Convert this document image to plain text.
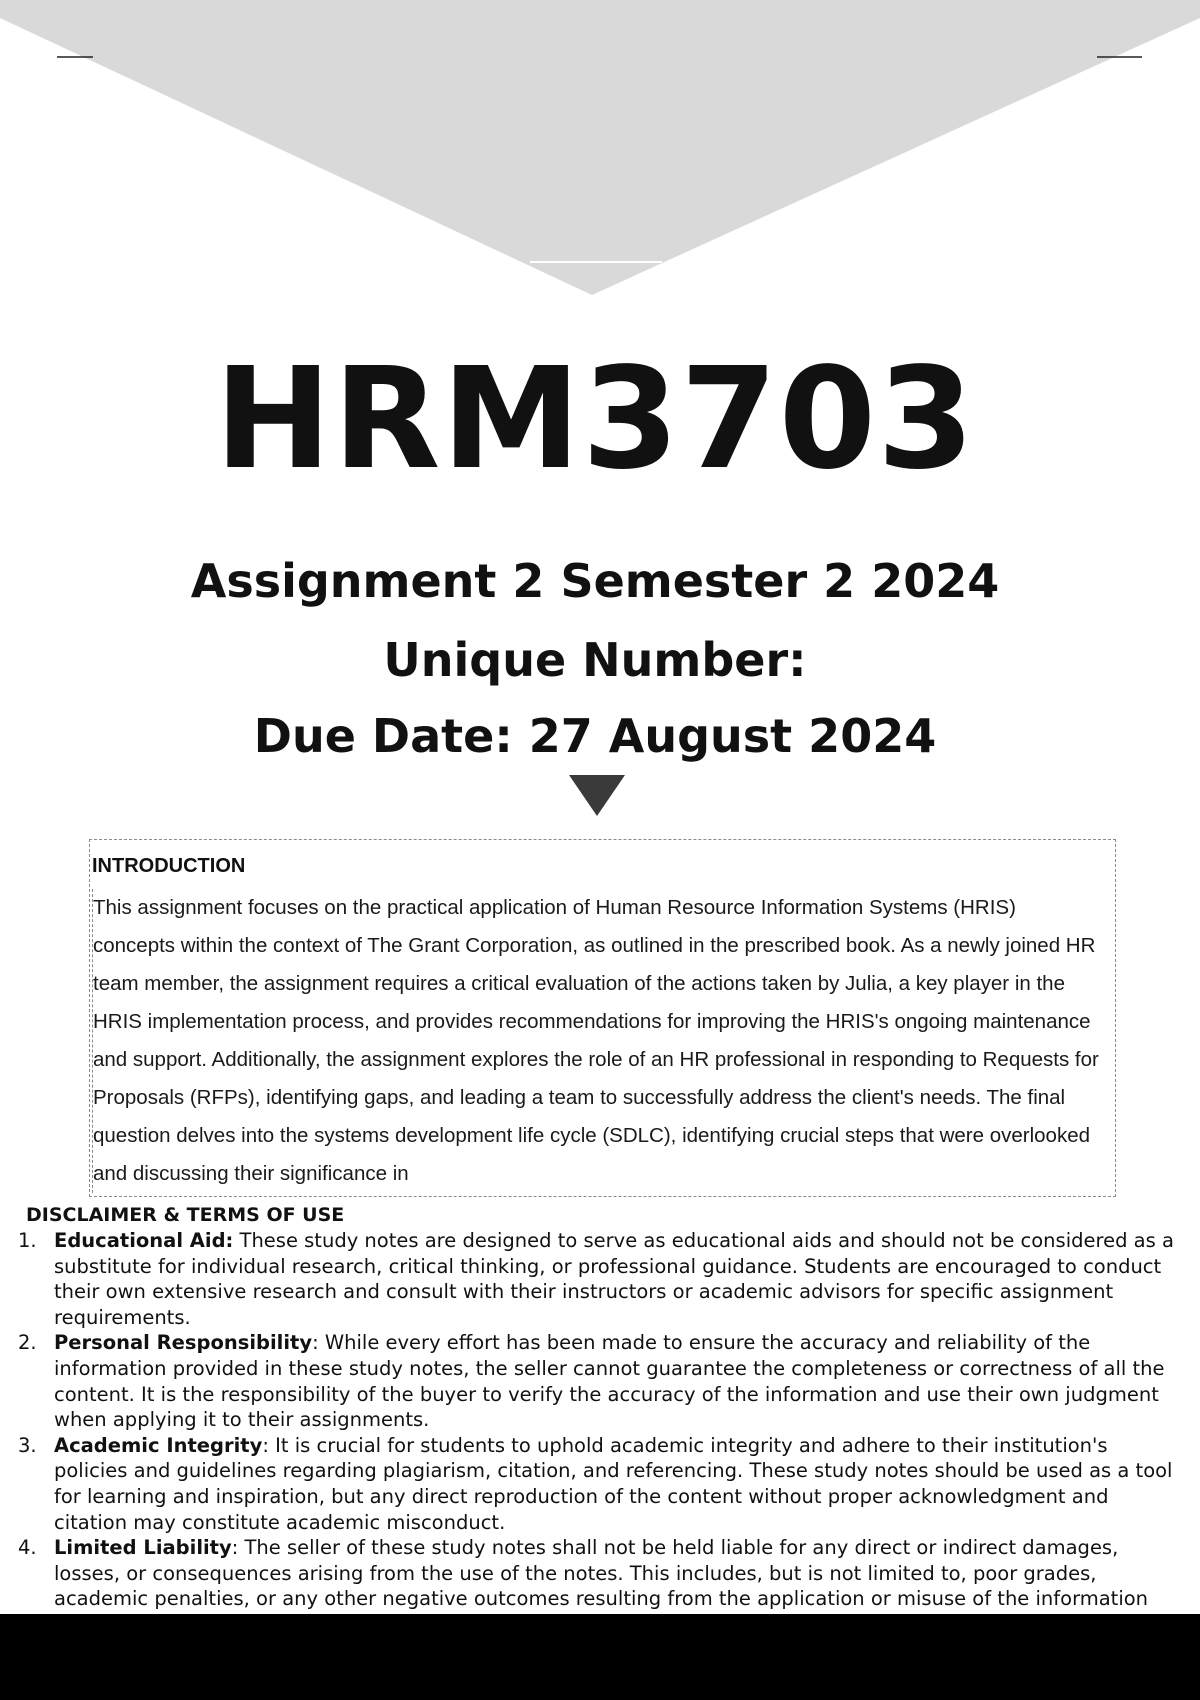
HRM3703
Assignment 2 Semester 2 2024
Unique Number:
Due Date: 27 August 2024
INTRODUCTION

This assignment focuses on the practical application of Human Resource Information Systems (HRIS) concepts within the context of The Grant Corporation, as outlined in the prescribed book. As a newly joined HR team member, the assignment requires a critical evaluation of the actions taken by Julia, a key player in the HRIS implementation process, and provides recommendations for improving the HRIS's ongoing maintenance and support. Additionally, the assignment explores the role of an HR professional in responding to Requests for Proposals (RFPs), identifying gaps, and leading a team to successfully address the client's needs. The final question delves into the systems development life cycle (SDLC), identifying crucial steps that were overlooked and discussing their significance in

DISCLAIMER & TERMS OF USE
1. Educational Aid: These study notes are designed to serve as educational aids and should not be considered as a substitute for individual research, critical thinking, or professional guidance. Students are encouraged to conduct their own extensive research and consult with their instructors or academic advisors for specific assignment requirements.
2. Personal Responsibility: While every effort has been made to ensure the accuracy and reliability of the information provided in these study notes, the seller cannot guarantee the completeness or correctness of all the content. It is the responsibility of the buyer to verify the accuracy of the information and use their own judgment when applying it to their assignments.
3. Academic Integrity: It is crucial for students to uphold academic integrity and adhere to their institution's policies and guidelines regarding plagiarism, citation, and referencing. These study notes should be used as a tool for learning and inspiration, but any direct reproduction of the content without proper acknowledgment and citation may constitute academic misconduct.
4. Limited Liability: The seller of these study notes shall not be held liable for any direct or indirect damages, losses, or consequences arising from the use of the notes. This includes, but is not limited to, poor grades, academic penalties, or any other negative outcomes resulting from the application or misuse of the information
